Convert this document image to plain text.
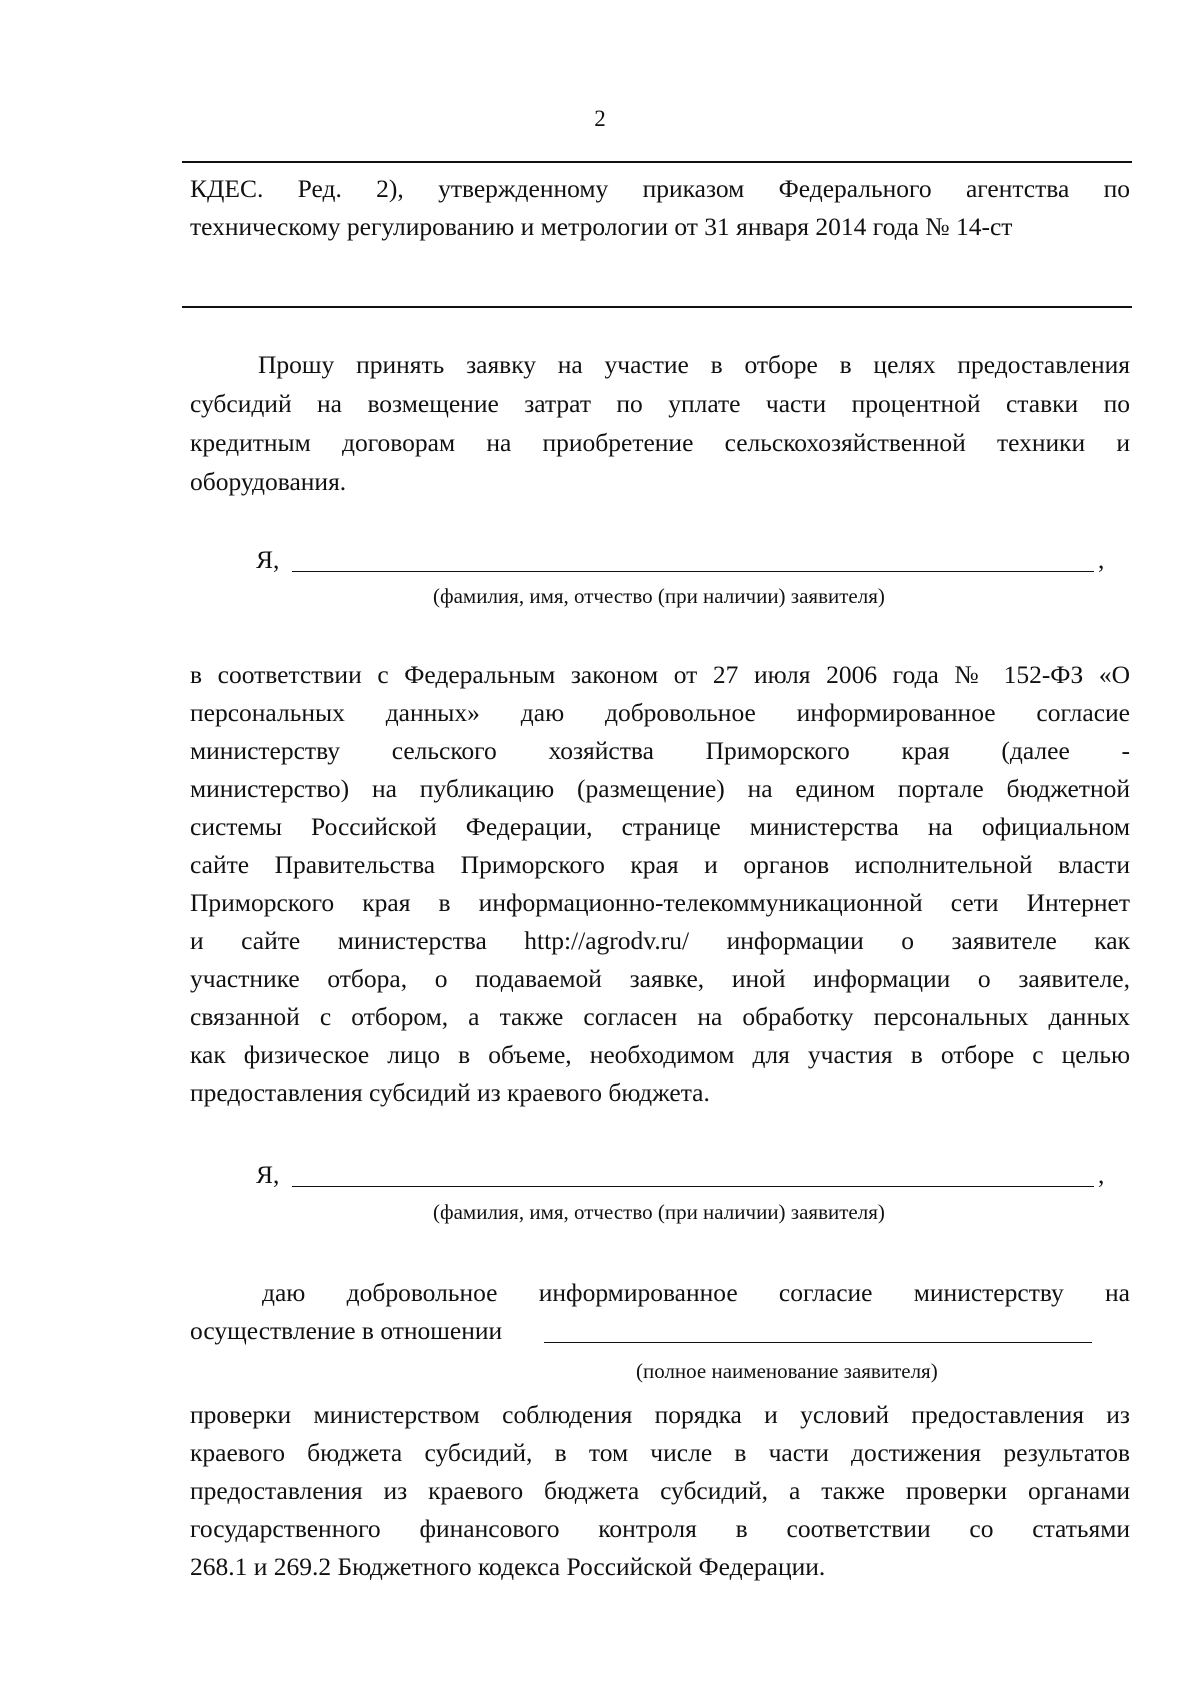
2
КДЕС. Ред. 2), утвержденному приказом Федерального агентства по
техническому регулированию и метрологии от 31 января 2014 года № 14-ст
Прошу принять заявку на участие в отборе в целях предоставления
субсидий на возмещение затрат по уплате части процентной ставки по
кредитным договорам на приобретение сельскохозяйственной техники и
оборудования.
Я,	,
(фамилия, имя, отчество (при наличии) заявителя)
в соответствии с Федеральным законом от 27 июля 2006 года № 152-ФЗ «О
персональных данных» даю добровольное информированное согласие
министерству сельского хозяйства Приморского края (далее -
министерство) на публикацию (размещение) на едином портале бюджетной
системы Российской Федерации, странице министерства на официальном
сайте Правительства Приморского края и органов исполнительной власти
Приморского края в информационно-телекоммуникационной сети Интернет
и сайте министерства http://agrodv.ru/ информации о заявителе как
участнике отбора, о подаваемой заявке, иной информации о заявителе,
связанной с отбором, а также согласен на обработку персональных данных
как физическое лицо в объеме, необходимом для участия в отборе с целью
предоставления субсидий из краевого бюджета.
Я,	,
(фамилия, имя, отчество (при наличии) заявителя)
даю добровольное информированное согласие министерству на
осуществление в отношении
(полное наименование заявителя)
проверки министерством соблюдения порядка и условий предоставления из
краевого бюджета субсидий, в том числе в части достижения результатов
предоставления из краевого бюджета субсидий, а также проверки органами
государственного финансового контроля в соответствии со статьями
268.1 и 269.2 Бюджетного кодекса Российской Федерации.
